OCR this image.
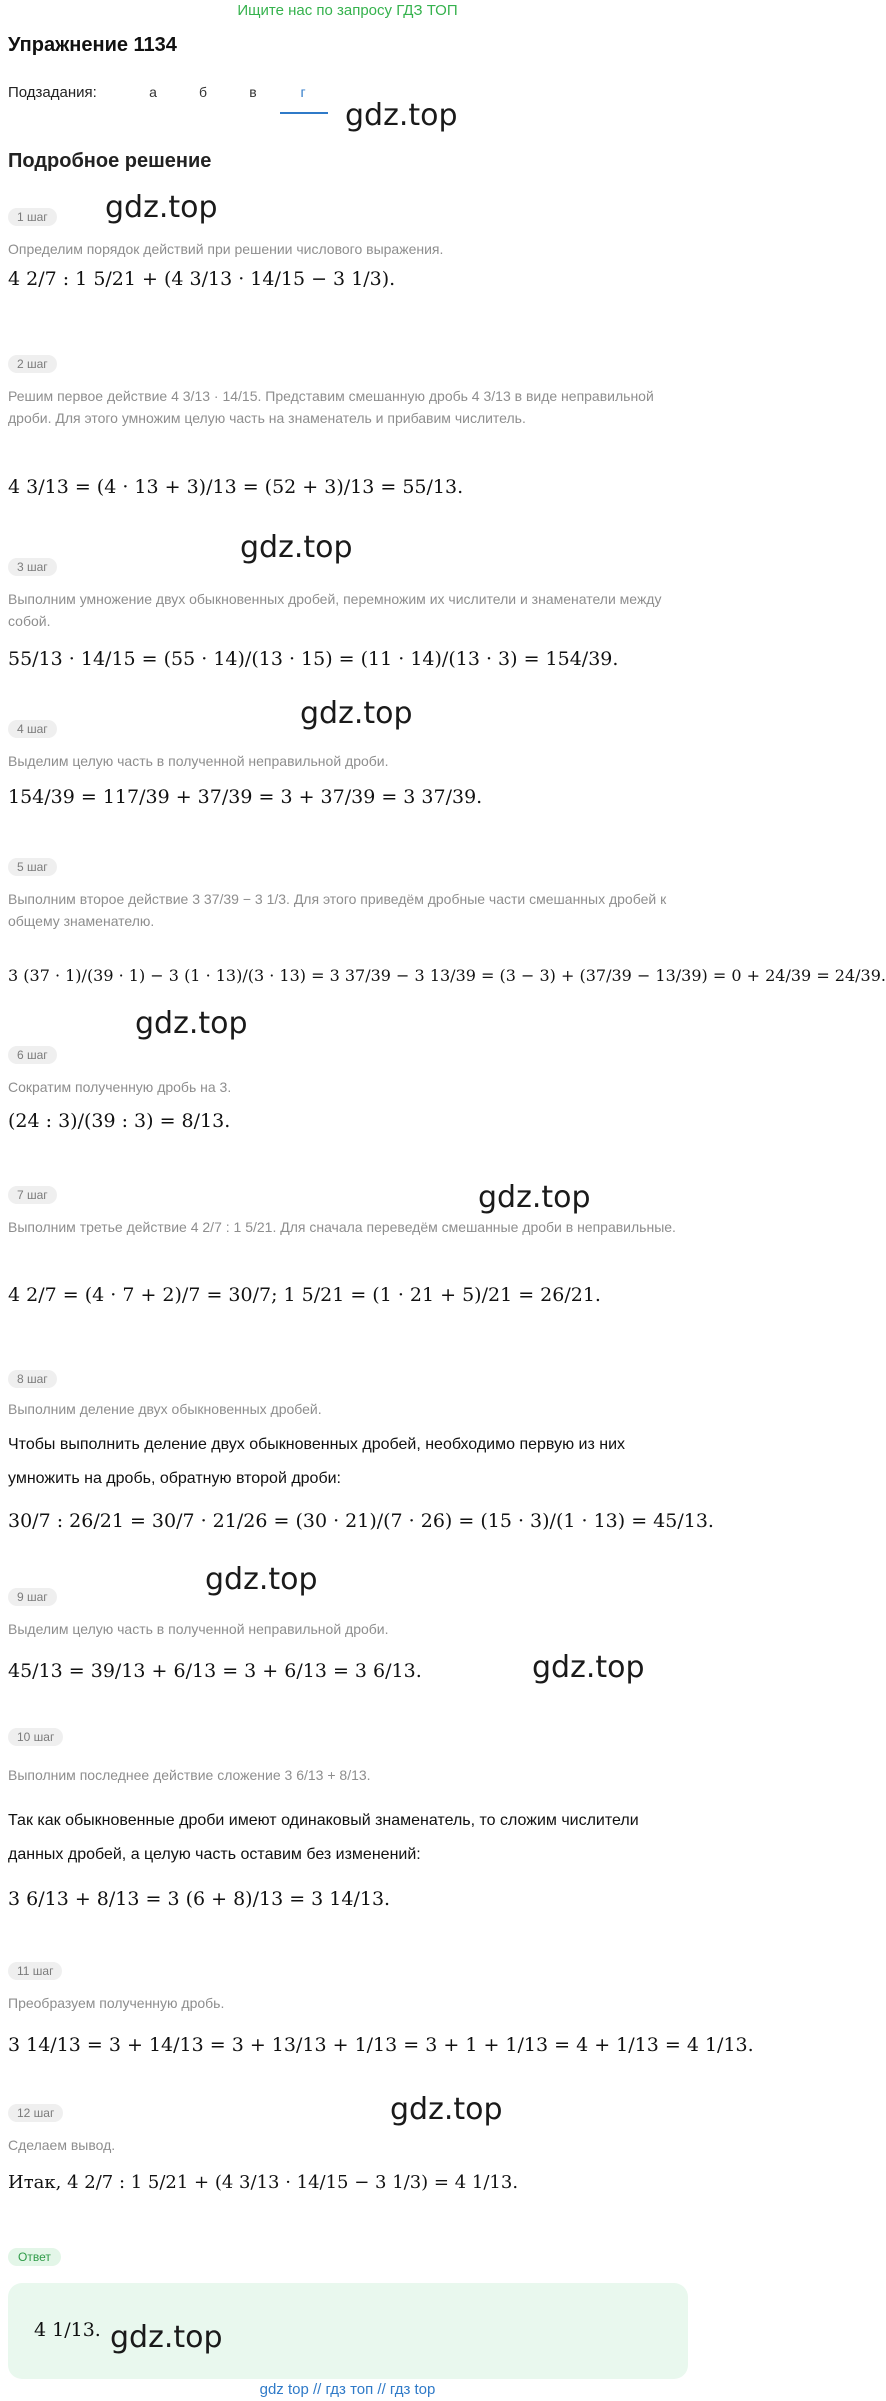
Ищите нас по запросу ГДЗ ТОП
Упражнение 1134
Подзадания:	а	б	в	г
Подробное решение
1 шаг
Определим порядок действий при решении числового выражения.
4 2/7 : 1 5/21 + (4 3/13 · 14/15 − 3 1/3).
2 шаг
Решим первое действие 4 3/13 · 14/15. Представим смешанную дробь 4 3/13 в виде неправильной дроби. Для этого умножим целую часть на знаменатель и прибавим числитель.
4 3/13 = (4 · 13 + 3)/13 = (52 + 3)/13 = 55/13.
3 шаг
Выполним умножение двух обыкновенных дробей, перемножим их числители и знаменатели между собой.
55/13 · 14/15 = (55 · 14)/(13 · 15) = (11 · 14)/(13 · 3) = 154/39.
4 шаг
Выделим целую часть в полученной неправильной дроби.
154/39 = 117/39 + 37/39 = 3 + 37/39 = 3 37/39.
5 шаг
Выполним второе действие 3 37/39 − 3 1/3. Для этого приведём дробные части смешанных дробей к общему знаменателю.
3 (37 · 1)/(39 · 1) − 3 (1 · 13)/(3 · 13) = 3 37/39 − 3 13/39 = (3 − 3) + (37/39 − 13/39) = 0 + 24/39 = 24/39.
6 шаг
Сократим полученную дробь на 3.
(24 : 3)/(39 : 3) = 8/13.
7 шаг
Выполним третье действие 4 2/7 : 1 5/21. Для сначала переведём смешанные дроби в неправильные.
4 2/7 = (4 · 7 + 2)/7 = 30/7; 1 5/21 = (1 · 21 + 5)/21 = 26/21.
8 шаг
Выполним деление двух обыкновенных дробей.
Чтобы выполнить деление двух обыкновенных дробей, необходимо первую из них умножить на дробь, обратную второй дроби:
30/7 : 26/21 = 30/7 · 21/26 = (30 · 21)/(7 · 26) = (15 · 3)/(1 · 13) = 45/13.
9 шаг
Выделим целую часть в полученной неправильной дроби.
45/13 = 39/13 + 6/13 = 3 + 6/13 = 3 6/13.
10 шаг
Выполним последнее действие сложение 3 6/13 + 8/13.
Так как обыкновенные дроби имеют одинаковый знаменатель, то сложим числители данных дробей, а целую часть оставим без изменений:
3 6/13 + 8/13 = 3 (6 + 8)/13 = 3 14/13.
11 шаг
Преобразуем полученную дробь.
3 14/13 = 3 + 14/13 = 3 + 13/13 + 1/13 = 3 + 1 + 1/13 = 4 + 1/13 = 4 1/13.
12 шаг
Сделаем вывод.
Итак, 4 2/7 : 1 5/21 + (4 3/13 · 14/15 − 3 1/3) = 4 1/13.
Ответ
4 1/13.
gdz.top
gdz.top
gdz.top
gdz.top
gdz.top
gdz.top
gdz.top
gdz.top
gdz.top
gdz.top
gdz top // гдз топ // гдз top
